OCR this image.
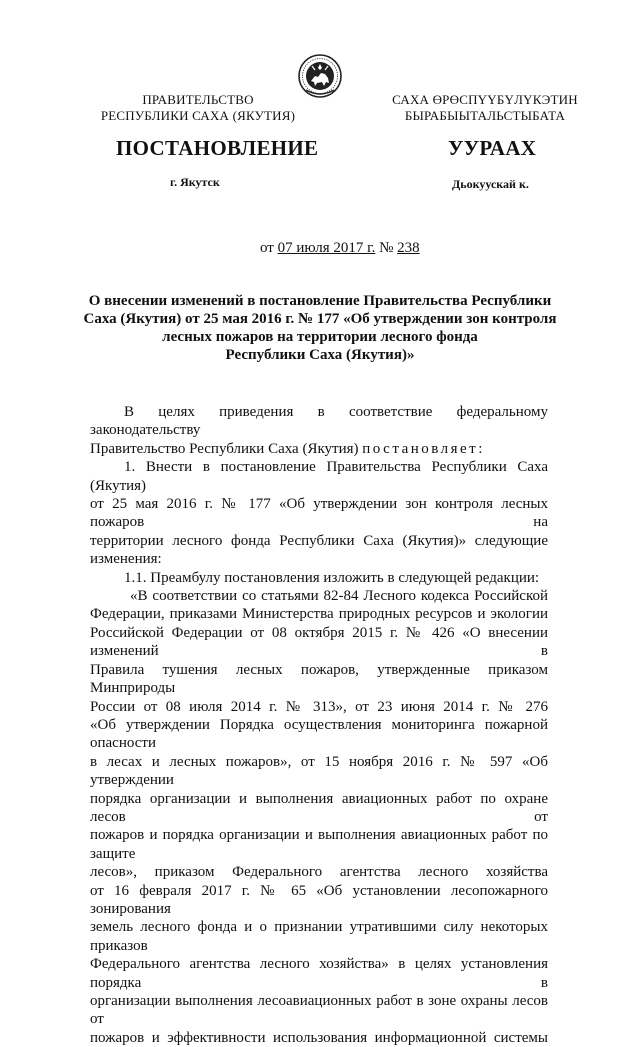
ПРАВИТЕЛЬСТВО
РЕСПУБЛИКИ САХА (ЯКУТИЯ)
САХА ӨРӨСПҮҮБҮЛҮКЭТИН
БЫРАБЫЫТАЛЬСТЫБАТА
ПОСТАНОВЛЕНИЕ	УУРААХ
г. Якутск	Дьокуускай к.
от 07 июля 2017 г. № 238
О внесении изменений в постановление Правительства Республики
Саха (Якутия) от 25 мая 2016 г. № 177 «Об утверждении зон контроля
лесных пожаров на территории лесного фонда
Республики Саха (Якутия)»

В целях приведения в соответствие федеральному законодательству

Правительство Республики Саха (Якутия) постановляет:

1. Внести в постановление Правительства Республики Саха (Якутия)

от 25 мая 2016 г. № 177 «Об утверждении зон контроля лесных пожаров на

территории лесного фонда Республики Саха (Якутия)» следующие

изменения:

1.1. Преамбулу постановления изложить в следующей редакции:

«В соответствии со статьями 82-84 Лесного кодекса Российской

Федерации, приказами Министерства природных ресурсов и экологии

Российской Федерации от 08 октября 2015 г. № 426 «О внесении изменений в

Правила тушения лесных пожаров, утвержденные приказом Минприроды

России от 08 июля 2014 г. № 313», от 23 июня 2014 г. № 276

«Об утверждении Порядка осуществления мониторинга пожарной опасности

в лесах и лесных пожаров», от 15 ноября 2016 г. № 597 «Об утверждении

порядка организации и выполнения авиационных работ по охране лесов от

пожаров и порядка организации и выполнения авиационных работ по защите

лесов», приказом Федерального агентства лесного хозяйства

от 16 февраля 2017 г. № 65 «Об установлении лесопожарного зонирования

земель лесного фонда и о признании утратившими силу некоторых приказов

Федерального агентства лесного хозяйства» в целях установления порядка в

организации выполнения лесоавиационных работ в зоне охраны лесов от

пожаров и эффективности использования информационной системы
